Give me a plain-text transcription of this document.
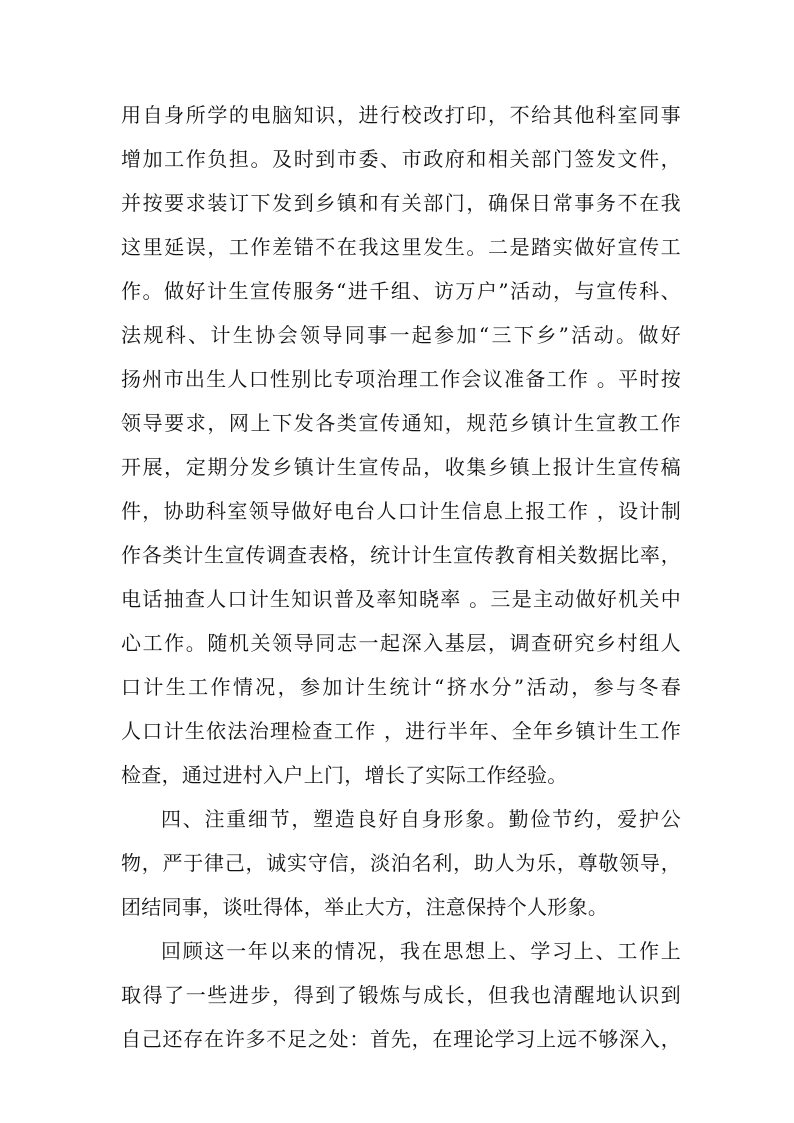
用自身所学的电脑知识，进行校改打印，不给其他科室同事
增加工作负担。及时到市委、市政府和相关部门签发文件，
并按要求装订下发到乡镇和有关部门，确保日常事务不在我
这里延误，工作差错不在我这里发生。二是踏实做好宣传工
作。做好计生宣传服务“进千组、访万户”活动，与宣传科、
法规科、计生协会领导同事一起参加“三下乡”活动。做好
扬州市出生人口性别比专项治理工作会议准备工作 。平时按
领导要求，网上下发各类宣传通知，规范乡镇计生宣教工作
开展，定期分发乡镇计生宣传品，收集乡镇上报计生宣传稿
件，协助科室领导做好电台人口计生信息上报工作 ，设计制
作各类计生宣传调查表格，统计计生宣传教育相关数据比率，
电话抽查人口计生知识普及率知晓率 。三是主动做好机关中
心工作。随机关领导同志一起深入基层，调查研究乡村组人
口计生工作情况，参加计生统计“挤水分”活动，参与冬春
人口计生依法治理检查工作 ，进行半年、全年乡镇计生工作
检查，通过进村入户上门，增长了实际工作经验。
四、注重细节，塑造良好自身形象。勤俭节约，爱护公
物，严于律己，诚实守信，淡泊名利，助人为乐，尊敬领导，
团结同事，谈吐得体，举止大方，注意保持个人形象。
回顾这一年以来的情况，我在思想上、学习上、工作上
取得了一些进步，得到了锻炼与成长，但我也清醒地认识到
自己还存在许多不足之处：首先，在理论学习上远不够深入，
